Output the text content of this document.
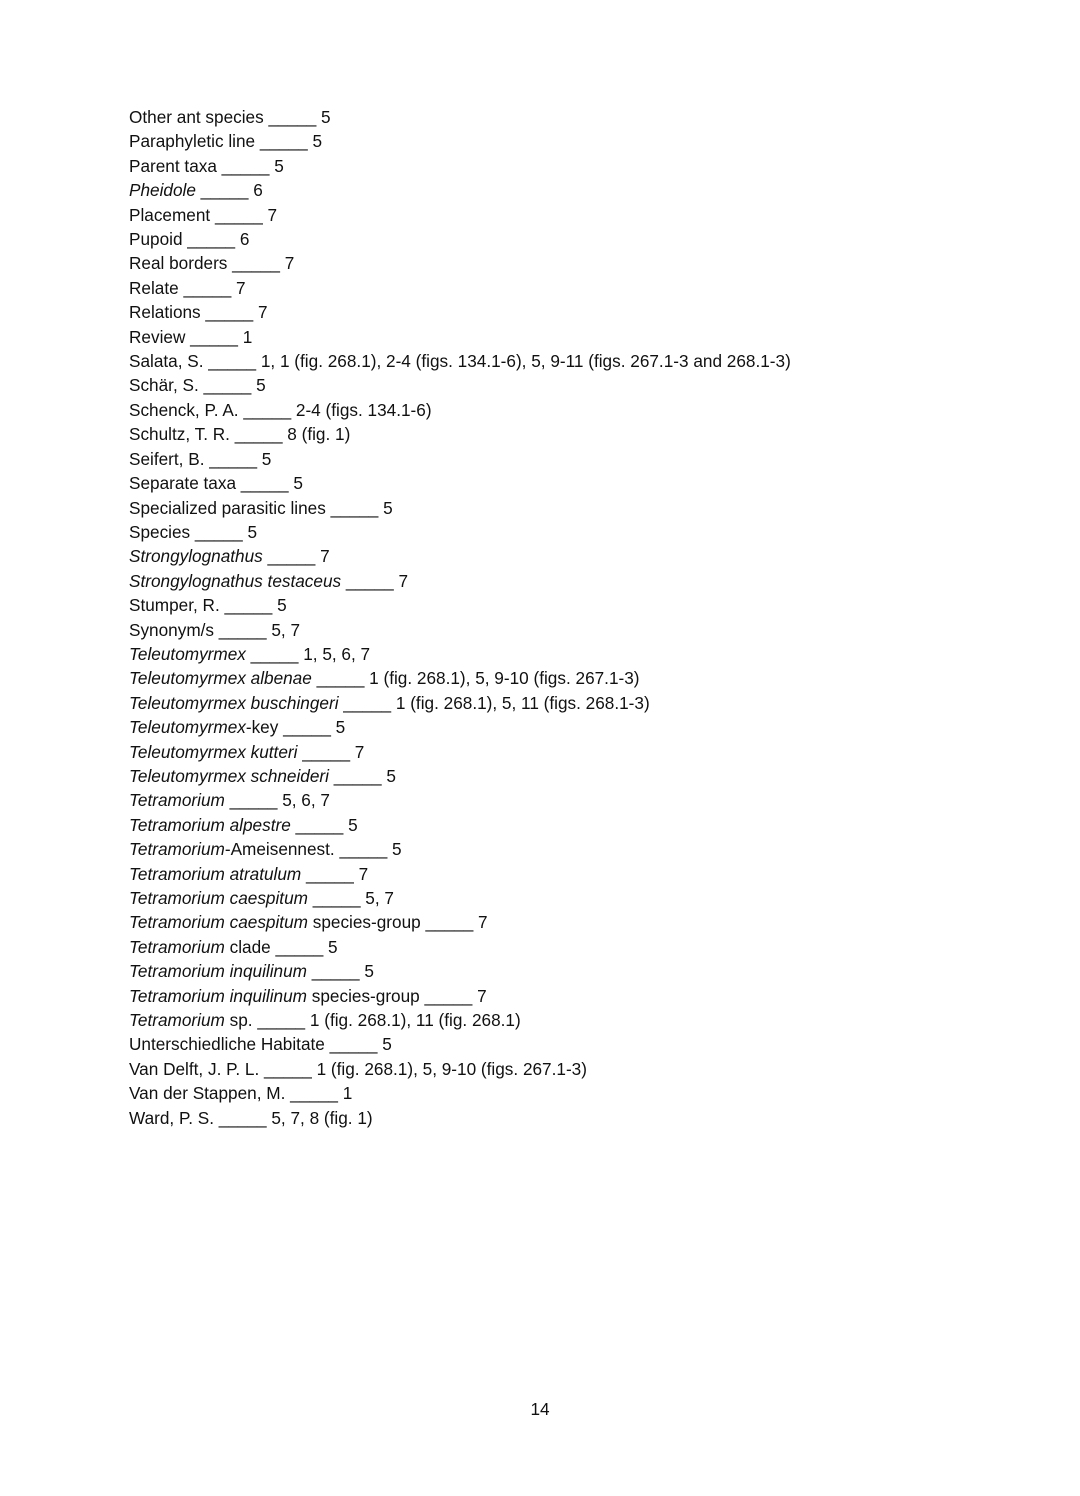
Other ant species _____ 5
Paraphyletic line _____ 5
Parent taxa _____ 5
Pheidole _____ 6
Placement _____ 7
Pupoid _____ 6
Real borders _____ 7
Relate _____ 7
Relations _____ 7
Review _____ 1
Salata, S. _____ 1, 1 (fig. 268.1), 2-4 (figs. 134.1-6), 5, 9-11 (figs. 267.1-3 and 268.1-3)
Schär, S. _____ 5
Schenck, P. A. _____ 2-4 (figs. 134.1-6)
Schultz, T. R. _____ 8 (fig. 1)
Seifert, B. _____ 5
Separate taxa _____ 5
Specialized parasitic lines _____ 5
Species _____ 5
Strongylognathus _____ 7
Strongylognathus testaceus _____ 7
Stumper, R. _____ 5
Synonym/s _____ 5, 7
Teleutomyrmex _____ 1, 5, 6, 7
Teleutomyrmex albenae _____ 1 (fig. 268.1), 5, 9-10 (figs. 267.1-3)
Teleutomyrmex buschingeri _____ 1 (fig. 268.1), 5, 11 (figs. 268.1-3)
Teleutomyrmex-key _____ 5
Teleutomyrmex kutteri _____ 7
Teleutomyrmex schneideri _____ 5
Tetramorium _____ 5, 6, 7
Tetramorium alpestre _____ 5
Tetramorium-Ameisennest. _____ 5
Tetramorium atratulum _____ 7
Tetramorium caespitum _____ 5, 7
Tetramorium caespitum species-group _____ 7
Tetramorium clade _____ 5
Tetramorium inquilinum _____ 5
Tetramorium inquilinum species-group _____ 7
Tetramorium sp. _____ 1 (fig. 268.1), 11 (fig. 268.1)
Unterschiedliche Habitate _____ 5
Van Delft, J. P. L. _____ 1 (fig. 268.1), 5, 9-10 (figs. 267.1-3)
Van der Stappen, M. _____ 1
Ward, P. S. _____ 5, 7, 8 (fig. 1)
14
